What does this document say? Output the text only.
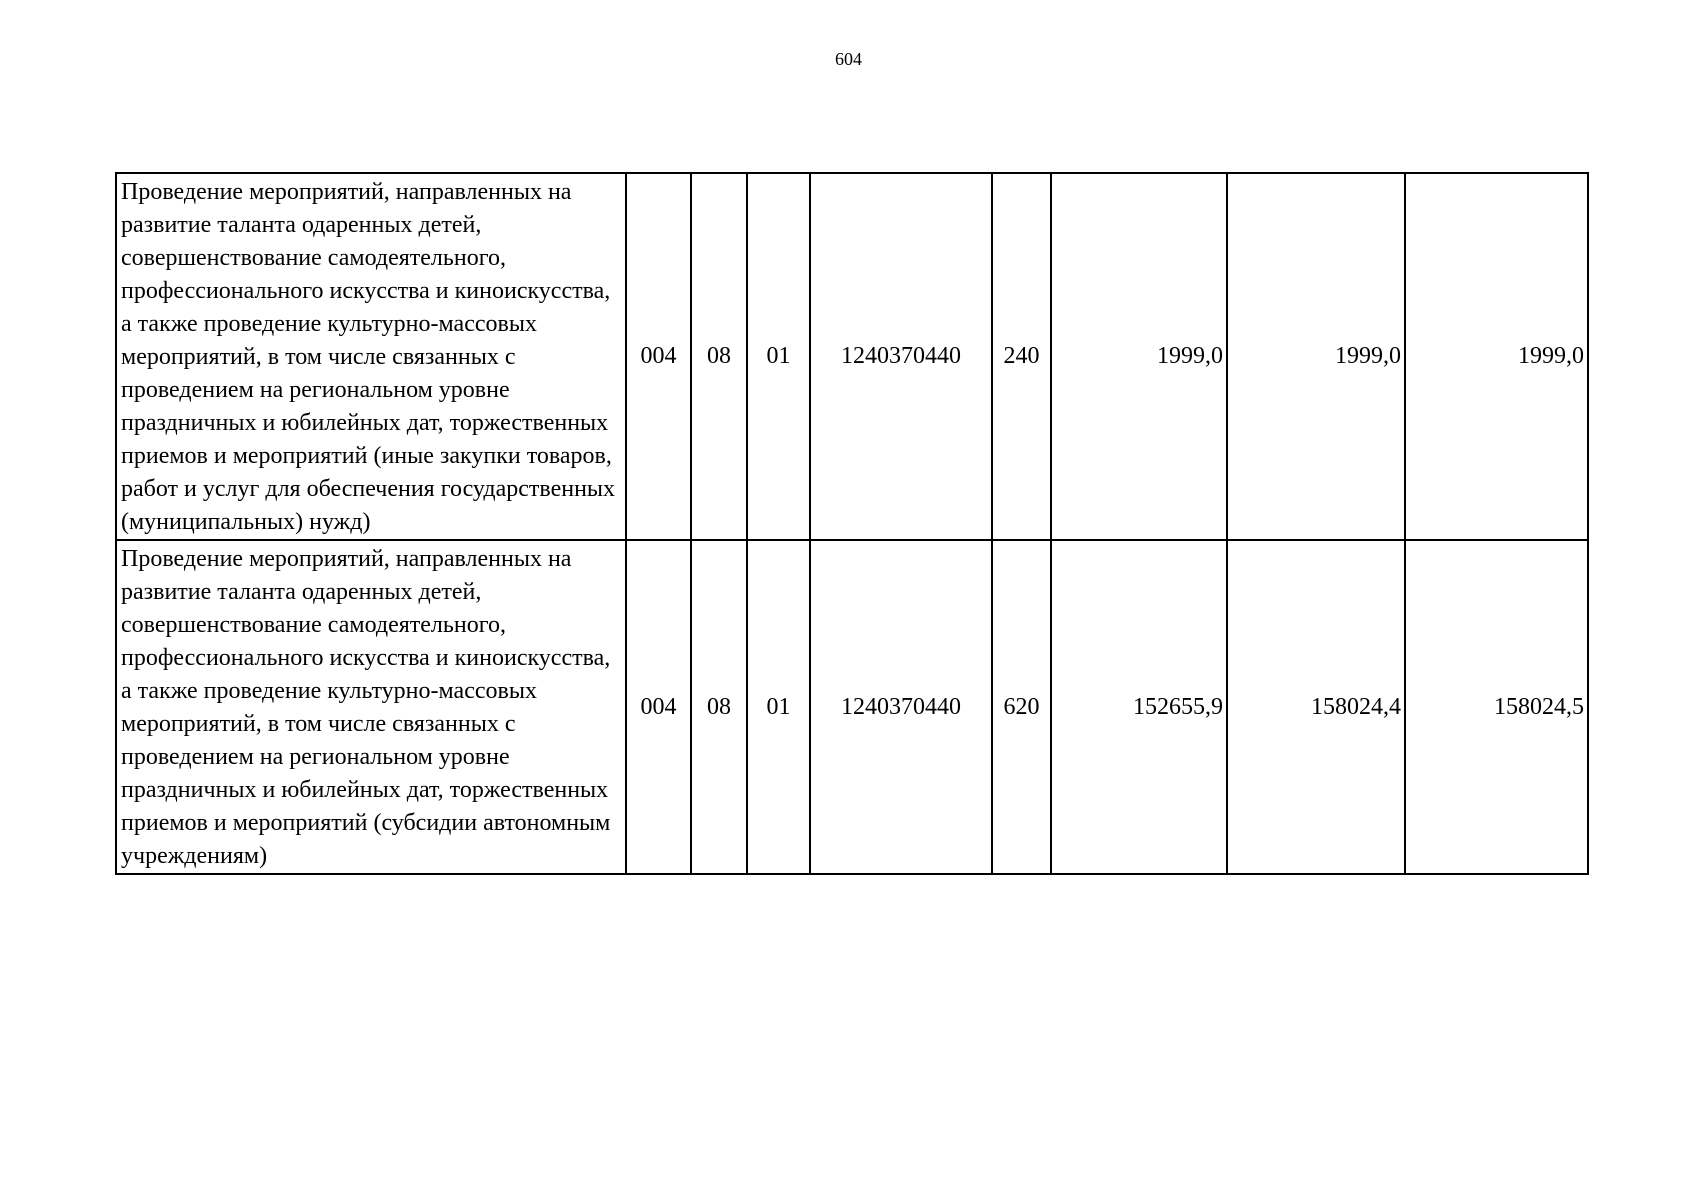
604
Проведение мероприятий, направленных на развитие таланта одаренных детей, совершенствование самодеятельного, профессионального искусства и киноискусства, а также проведение культурно-массовых мероприятий, в том числе связанных с проведением на региональном уровне праздничных и юбилейных дат, торжественных приемов и мероприятий (иные закупки товаров, работ и услуг для обеспечения государственных (муниципальных) нужд)	004	08	01	1240370440	240	1999,0	1999,0	1999,0
Проведение мероприятий, направленных на развитие таланта одаренных детей, совершенствование самодеятельного, профессионального искусства и киноискусства, а также проведение культурно-массовых мероприятий, в том числе связанных с проведением на региональном уровне праздничных и юбилейных дат, торжественных приемов и мероприятий (субсидии автономным учреждениям)	004	08	01	1240370440	620	152655,9	158024,4	158024,5
